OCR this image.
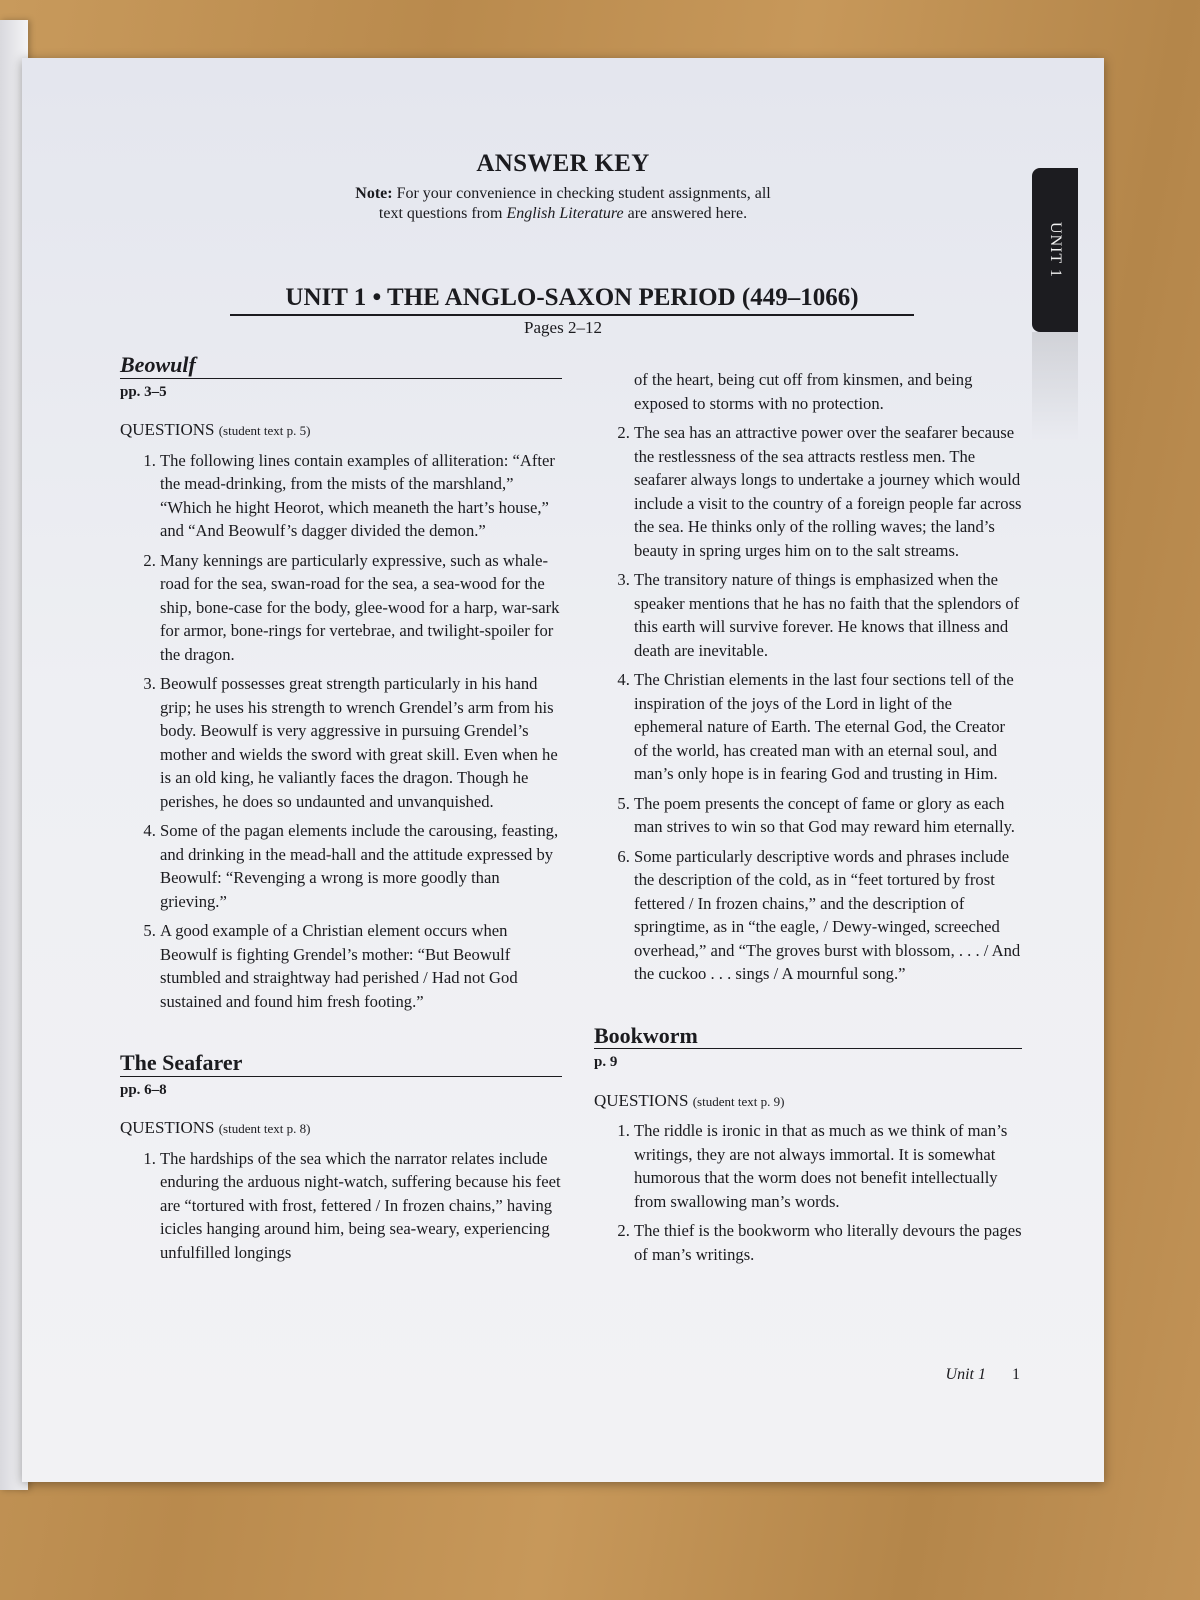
UNIT 1
ANSWER KEY
Note: For your convenience in checking student assignments, all
text questions from English Literature are answered here.
UNIT 1 • THE ANGLO-SAXON PERIOD (449–1066)
Pages 2–12
Beowulf
pp. 3–5
QUESTIONS (student text p. 5)
1. The following lines contain examples of alliteration: “After the mead-drinking, from the mists of the marshland,” “Which he hight Heorot, which meaneth the hart’s house,” and “And Beowulf’s dagger divided the demon.”
2. Many kennings are particularly expressive, such as whale-road for the sea, swan-road for the sea, a sea-wood for the ship, bone-case for the body, glee-wood for a harp, war-sark for armor, bone-rings for vertebrae, and twilight-spoiler for the dragon.
3. Beowulf possesses great strength particularly in his hand grip; he uses his strength to wrench Grendel’s arm from his body. Beowulf is very aggressive in pursuing Grendel’s mother and wields the sword with great skill. Even when he is an old king, he valiantly faces the dragon. Though he perishes, he does so undaunted and unvanquished.
4. Some of the pagan elements include the carousing, feasting, and drinking in the mead-hall and the attitude expressed by Beowulf: “Revenging a wrong is more goodly than grieving.”
5. A good example of a Christian element occurs when Beowulf is fighting Grendel’s mother: “But Beowulf stumbled and straightway had perished / Had not God sustained and found him fresh footing.”
The Seafarer
pp. 6–8
QUESTIONS (student text p. 8)
1. The hardships of the sea which the narrator relates include enduring the arduous night-watch, suffering because his feet are “tortured with frost, fettered / In frozen chains,” having icicles hanging around him, being sea-weary, experiencing unfulfilled longings

of the heart, being cut off from kinsmen, and being exposed to storms with no protection.

2. The sea has an attractive power over the seafarer because the restlessness of the sea attracts restless men. The seafarer always longs to undertake a journey which would include a visit to the country of a foreign people far across the sea. He thinks only of the rolling waves; the land’s beauty in spring urges him on to the salt streams.
3. The transitory nature of things is emphasized when the speaker mentions that he has no faith that the splendors of this earth will survive forever. He knows that illness and death are inevitable.
4. The Christian elements in the last four sections tell of the inspiration of the joys of the Lord in light of the ephemeral nature of Earth. The eternal God, the Creator of the world, has created man with an eternal soul, and man’s only hope is in fearing God and trusting in Him.
5. The poem presents the concept of fame or glory as each man strives to win so that God may reward him eternally.
6. Some particularly descriptive words and phrases include the description of the cold, as in “feet tortured by frost fettered / In frozen chains,” and the description of springtime, as in “the eagle, / Dewy-winged, screeched overhead,” and “The groves burst with blossom, . . . / And the cuckoo . . . sings / A mournful song.”
Bookworm
p. 9
QUESTIONS (student text p. 9)
1. The riddle is ironic in that as much as we think of man’s writings, they are not always immortal. It is somewhat humorous that the worm does not benefit intellectually from swallowing man’s words.
2. The thief is the bookworm who literally devours the pages of man’s writings.
Unit 1 1
